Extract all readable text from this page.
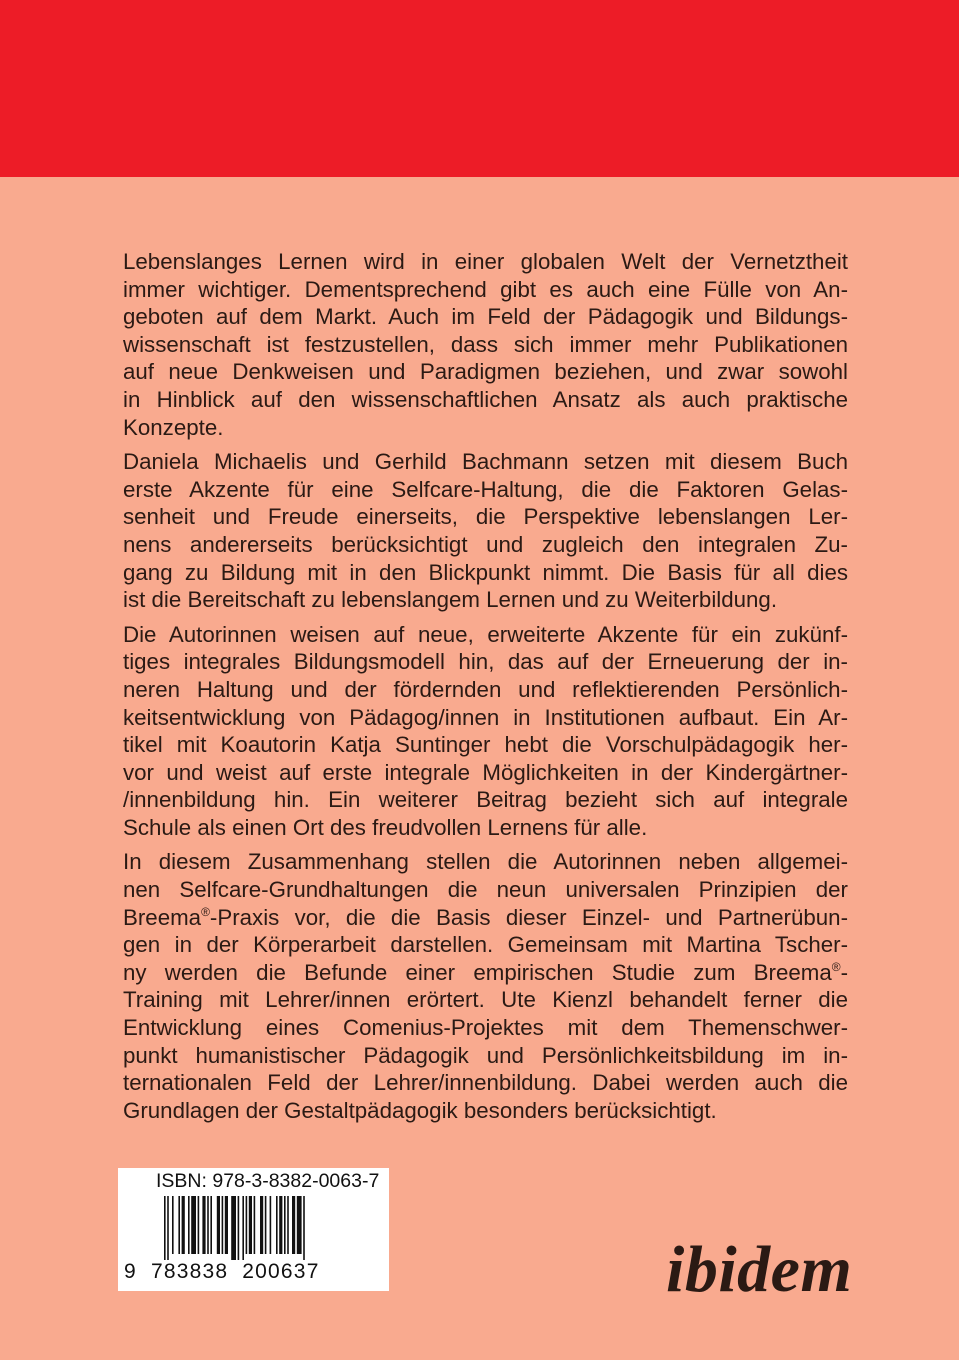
Lebenslanges Lernen wird in einer globalen Welt der Vernetztheit
immer wichtiger. Dementsprechend gibt es auch eine Fülle von An-
geboten auf dem Markt. Auch im Feld der Pädagogik und Bildungs-
wissenschaft ist festzustellen, dass sich immer mehr Publikationen
auf neue Denkweisen und Paradigmen beziehen, und zwar sowohl
in Hinblick auf den wissenschaftlichen Ansatz als auch praktische
Konzepte.
Daniela Michaelis und Gerhild Bachmann setzen mit diesem Buch
erste Akzente für eine Selfcare-Haltung, die die Faktoren Gelas-
senheit und Freude einerseits, die Perspektive lebenslangen Ler-
nens andererseits berücksichtigt und zugleich den integralen Zu-
gang zu Bildung mit in den Blickpunkt nimmt. Die Basis für all dies
ist die Bereitschaft zu lebenslangem Lernen und zu Weiterbildung.
Die Autorinnen weisen auf neue, erweiterte Akzente für ein zukünf-
tiges integrales Bildungsmodell hin, das auf der Erneuerung der in-
neren Haltung und der fördernden und reflektierenden Persönlich-
keitsentwicklung von Pädagog/innen in Institutionen aufbaut. Ein Ar-
tikel mit Koautorin Katja Suntinger hebt die Vorschulpädagogik her-
vor und weist auf erste integrale Möglichkeiten in der Kindergärtner-
/innenbildung hin. Ein weiterer Beitrag bezieht sich auf integrale
Schule als einen Ort des freudvollen Lernens für alle.
In diesem Zusammenhang stellen die Autorinnen neben allgemei-
nen Selfcare-Grundhaltungen die neun universalen Prinzipien der
Breema®-Praxis vor, die die Basis dieser Einzel- und Partnerübun-
gen in der Körperarbeit darstellen. Gemeinsam mit Martina Tscher-
ny werden die Befunde einer empirischen Studie zum Breema®-
Training mit Lehrer/innen erörtert. Ute Kienzl behandelt ferner die
Entwicklung eines Comenius-Projektes mit dem Themenschwer-
punkt humanistischer Pädagogik und Persönlichkeitsbildung im in-
ternationalen Feld der Lehrer/innenbildung. Dabei werden auch die
Grundlagen der Gestaltpädagogik besonders berücksichtigt.
ISBN: 978-3-8382-0063-7
9  783838  200637	ibidem
